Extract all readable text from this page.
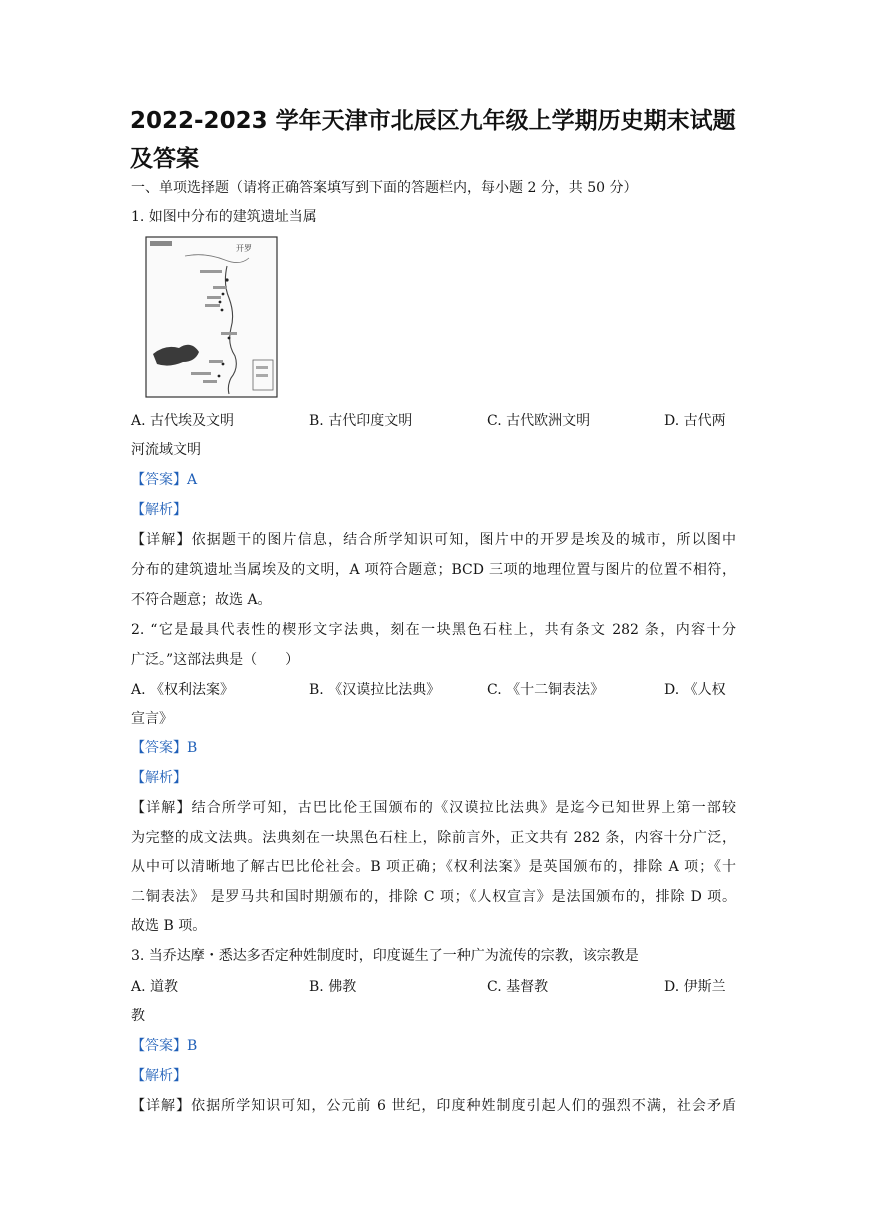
2022-2023 学年天津市北辰区九年级上学期历史期末试题及答案
一、单项选择题（请将正确答案填写到下面的答题栏内，每小题 2 分，共 50 分）
1. 如图中分布的建筑遗址当属
开罗
A. 古代埃及文明	B. 古代印度文明	C. 古代欧洲文明	D. 古代两
河流域文明
【答案】A
【解析】
【详解】依据题干的图片信息，结合所学知识可知，图片中的开罗是埃及的城市，所以图中
分布的建筑遗址当属埃及的文明，A 项符合题意；BCD 三项的地理位置与图片的位置不相符，
不符合题意；故选 A。
2. “它是最具代表性的楔形文字法典，刻在一块黑色石柱上，共有条文 282 条，内容十分
广泛。”这部法典是（　　）
A. 《权利法案》	B. 《汉谟拉比法典》	C. 《十二铜表法》	D. 《人权
宣言》
【答案】B
【解析】
【详解】结合所学可知，古巴比伦王国颁布的《汉谟拉比法典》是迄今已知世界上第一部较
为完整的成文法典。法典刻在一块黑色石柱上，除前言外，正文共有 282 条，内容十分广泛，
从中可以清晰地了解古巴比伦社会。B 项正确；《权利法案》是英国颁布的，排除 A 项；《十
二铜表法》 是罗马共和国时期颁布的，排除 C 项；《人权宣言》是法国颁布的，排除 D 项。
故选 B 项。
3. 当乔达摩・悉达多否定种姓制度时，印度诞生了一种广为流传的宗教，该宗教是
A. 道教	B. 佛教	C. 基督教	D. 伊斯兰
教
【答案】B
【解析】
【详解】依据所学知识可知，公元前 6 世纪，印度种姓制度引起人们的强烈不满，社会矛盾
